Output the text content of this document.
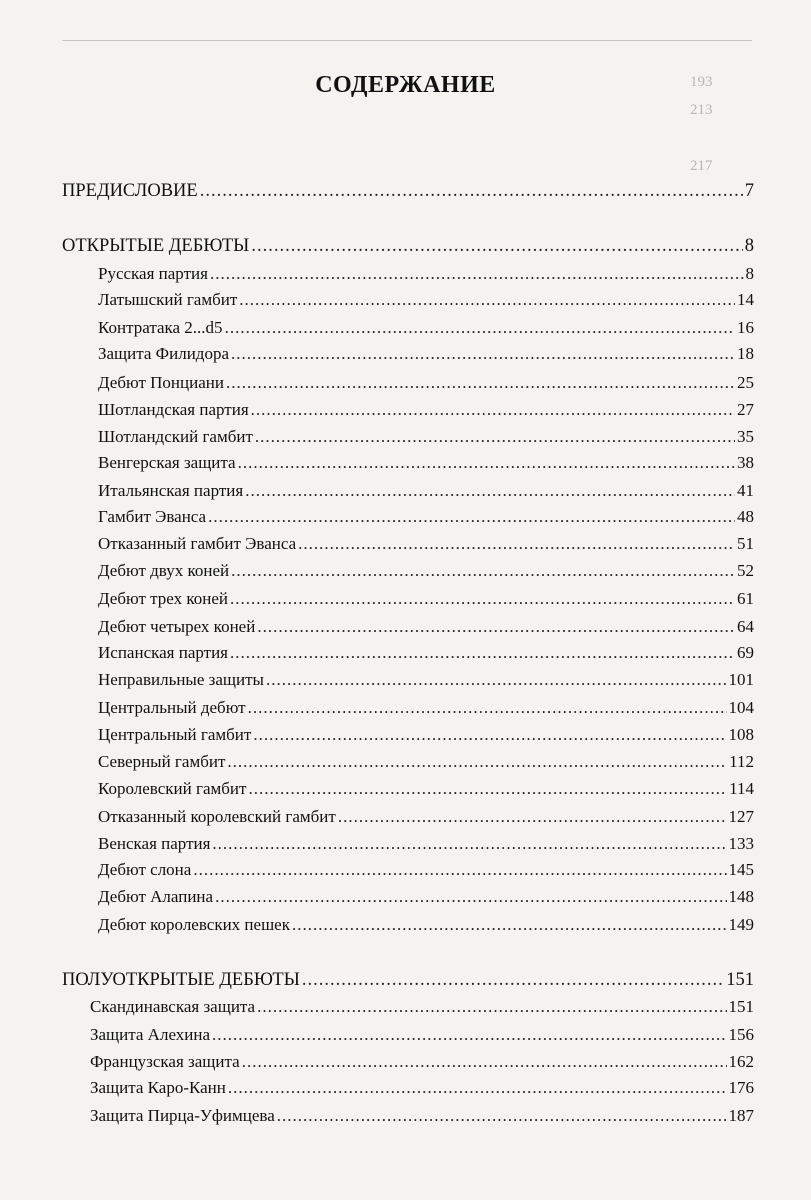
193
213
217
СОДЕРЖАНИЕ
ПРЕДИСЛОВИЕ .....	7
ОТКРЫТЫЕ ДЕБЮТЫ .....	8
Русская партия .....	8
Латышский гамбит .....	14
Контратака 2...d5 .....	16
Защита Филидора .....	18
Дебют Понциани .....	25
Шотландская партия .....	27
Шотландский гамбит .....	35
Венгерская защита .....	38
Итальянская партия .....	41
Гамбит Эванса .....	48
Отказанный гамбит Эванса .....	51
Дебют двух коней .....	52
Дебют трех коней .....	61
Дебют четырех коней .....	64
Испанская партия .....	69
Неправильные защиты .....	101
Центральный дебют .....	104
Центральный гамбит .....	108
Северный гамбит .....	112
Королевский гамбит .....	114
Отказанный королевский гамбит .....	127
Венская партия .....	133
Дебют слона .....	145
Дебют Алапина .....	148
Дебют королевских пешек .....	149
ПОЛУОТКРЫТЫЕ ДЕБЮТЫ .....	151
Скандинавская защита .....	151
Защита Алехина .....	156
Французская защита .....	162
Защита Каро-Канн .....	176
Защита Пирца-Уфимцева .....	187
